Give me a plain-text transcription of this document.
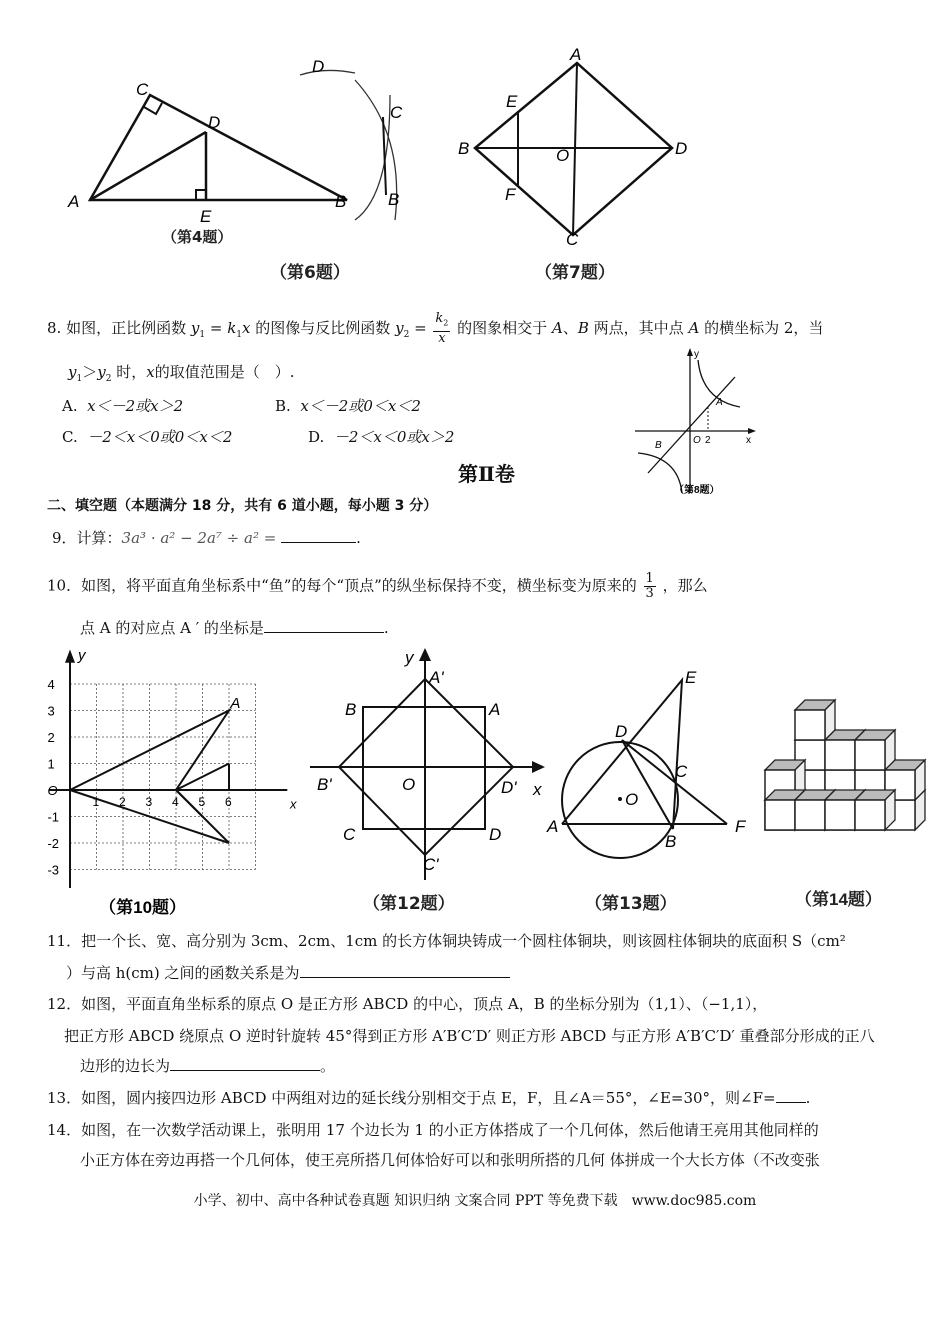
C
D
A
E
B
（第4题）
D
C
B
（第6题）
A
E
B	O	D
F
C
（第7题）
8. 如图，正比例函数 $y_1 = k_1x$ 的图像与反比例函数 $y_2 = \frac{k_2}{x}$ 的图象相交于 A、B 两点，其中点 A 的横坐标为 2，当
$y_1>y_2$ 时，x的取值范围是（　）.
A. x＜－2或x＞2	B. x＜－2或0＜x＜2
C. －2＜x＜0或0＜x＜2	D. －2＜x＜0或x＞2
y
A
O 2	x
B
（第8题）
第Ⅱ卷
二、填空题（本题满分 18 分，共有 6 道小题，每小题 3 分）
9．计算：3a³ · a² − 2a⁷ ÷ a² =	.
10．如图，将平面直角坐标系中“鱼”的每个“顶点”的纵坐标保持不变，横坐标变为原来的 $\frac{1}{3}$ ，那么
点 A 的对应点 A ′ 的坐标是	.
y
x
A
4
3
2
1
O
-1
-2
-3
1 2 3 4 5 6
（第10题）
y
A'
B	A
B'	O	D' x
C	D
C'
（第12题）
E
D
C
O
A
B
F
（第13题）	（第14题）
11．把一个长、宽、高分别为 3cm、2cm、1cm 的长方体铜块铸成一个圆柱体铜块，则该圆柱体铜块的底面积 S（cm²
）与高 h(cm) 之间的函数关系是为
12．如图，平面直角坐标系的原点 O 是正方形 ABCD 的中心，顶点 A，B 的坐标分别为（1,1）、（−1,1），
把正方形 ABCD 绕原点 O 逆时针旋转 45°得到正方形 A′B′C′D′ 则正方形 ABCD 与正方形 A′B′C′D′ 重叠部分形成的正八
边形的边长为	。
13．如图，圆内接四边形 ABCD 中两组对边的延长线分别相交于点 E，F，且∠A＝55°，∠E=30°，则∠F= .
14．如图，在一次数学活动课上，张明用 17 个边长为 1 的小正方体搭成了一个几何体，然后他请王亮用其他同样的
小正方体在旁边再搭一个几何体，使王亮所搭几何体恰好可以和张明所搭的几何 体拼成一个大长方体（不改变张
小学、初中、高中各种试卷真题 知识归纳 文案合同 PPT 等免费下载　www.doc985.com
